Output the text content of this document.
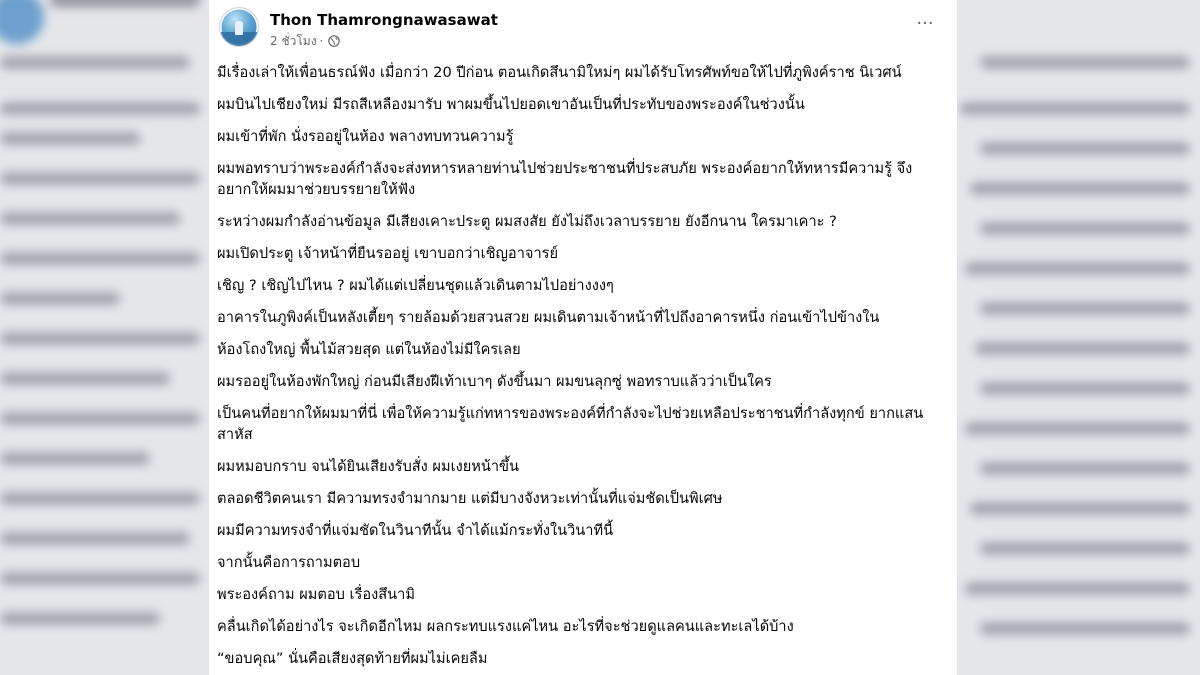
Thon Thamrongnawasawat
2 ชั่วโมง ·
···

มีเรื่องเล่าให้เพื่อนธรณ์ฟัง เมื่อกว่า 20 ปีก่อน ตอนเกิดสึนามิใหม่ๆ ผมได้รับโทรศัพท์ขอให้ไปที่ภูพิงค์ราช นิเวศน์

ผมบินไปเชียงใหม่ มีรถสีเหลืองมารับ พาผมขึ้นไปยอดเขาอันเป็นที่ประทับของพระองค์ในช่วงนั้น

ผมเข้าที่พัก นั่งรออยู่ในห้อง พลางทบทวนความรู้

ผมพอทราบว่าพระองค์กำลังจะส่งทหารหลายท่านไปช่วยประชาชนที่ประสบภัย พระองค์อยากให้ทหารมีความรู้ จึงอยากให้ผมมาช่วยบรรยายให้ฟัง

ระหว่างผมกำลังอ่านข้อมูล มีเสียงเคาะประตู ผมสงสัย ยังไม่ถึงเวลาบรรยาย ยังอีกนาน ใครมาเคาะ ?

ผมเปิดประตู เจ้าหน้าที่ยืนรออยู่ เขาบอกว่าเชิญอาจารย์

เชิญ ? เชิญไปไหน ? ผมได้แต่เปลี่ยนชุดแล้วเดินตามไปอย่างงงๆ

อาคารในภูพิงค์เป็นหลังเตี้ยๆ รายล้อมด้วยสวนสวย ผมเดินตามเจ้าหน้าที่ไปถึงอาคารหนึ่ง ก่อนเข้าไปข้างใน

ห้องโถงใหญ่ พื้นไม้สวยสุด แต่ในห้องไม่มีใครเลย

ผมรออยู่ในห้องพักใหญ่ ก่อนมีเสียงฝีเท้าเบาๆ ดังขึ้นมา ผมขนลุกซู่ พอทราบแล้วว่าเป็นใคร

เป็นคนที่อยากให้ผมมาที่นี่ เพื่อให้ความรู้แก่ทหารของพระองค์ที่กำลังจะไปช่วยเหลือประชาชนที่กำลังทุกข์ ยากแสนสาหัส

ผมหมอบกราบ จนได้ยินเสียงรับสั่ง ผมเงยหน้าขึ้น

ตลอดชีวิตคนเรา มีความทรงจำมากมาย แต่มีบางจังหวะเท่านั้นที่แจ่มชัดเป็นพิเศษ

ผมมีความทรงจำที่แจ่มชัดในวินาทีนั้น จำได้แม้กระทั่งในวินาทีนี้

จากนั้นคือการถามตอบ

พระองค์ถาม ผมตอบ เรื่องสึนามิ

คลื่นเกิดได้อย่างไร จะเกิดอีกไหม ผลกระทบแรงแค่ไหน อะไรที่จะช่วยดูแลคนและทะเลได้บ้าง

“ขอบคุณ” นั่นคือเสียงสุดท้ายที่ผมไม่เคยลืม
